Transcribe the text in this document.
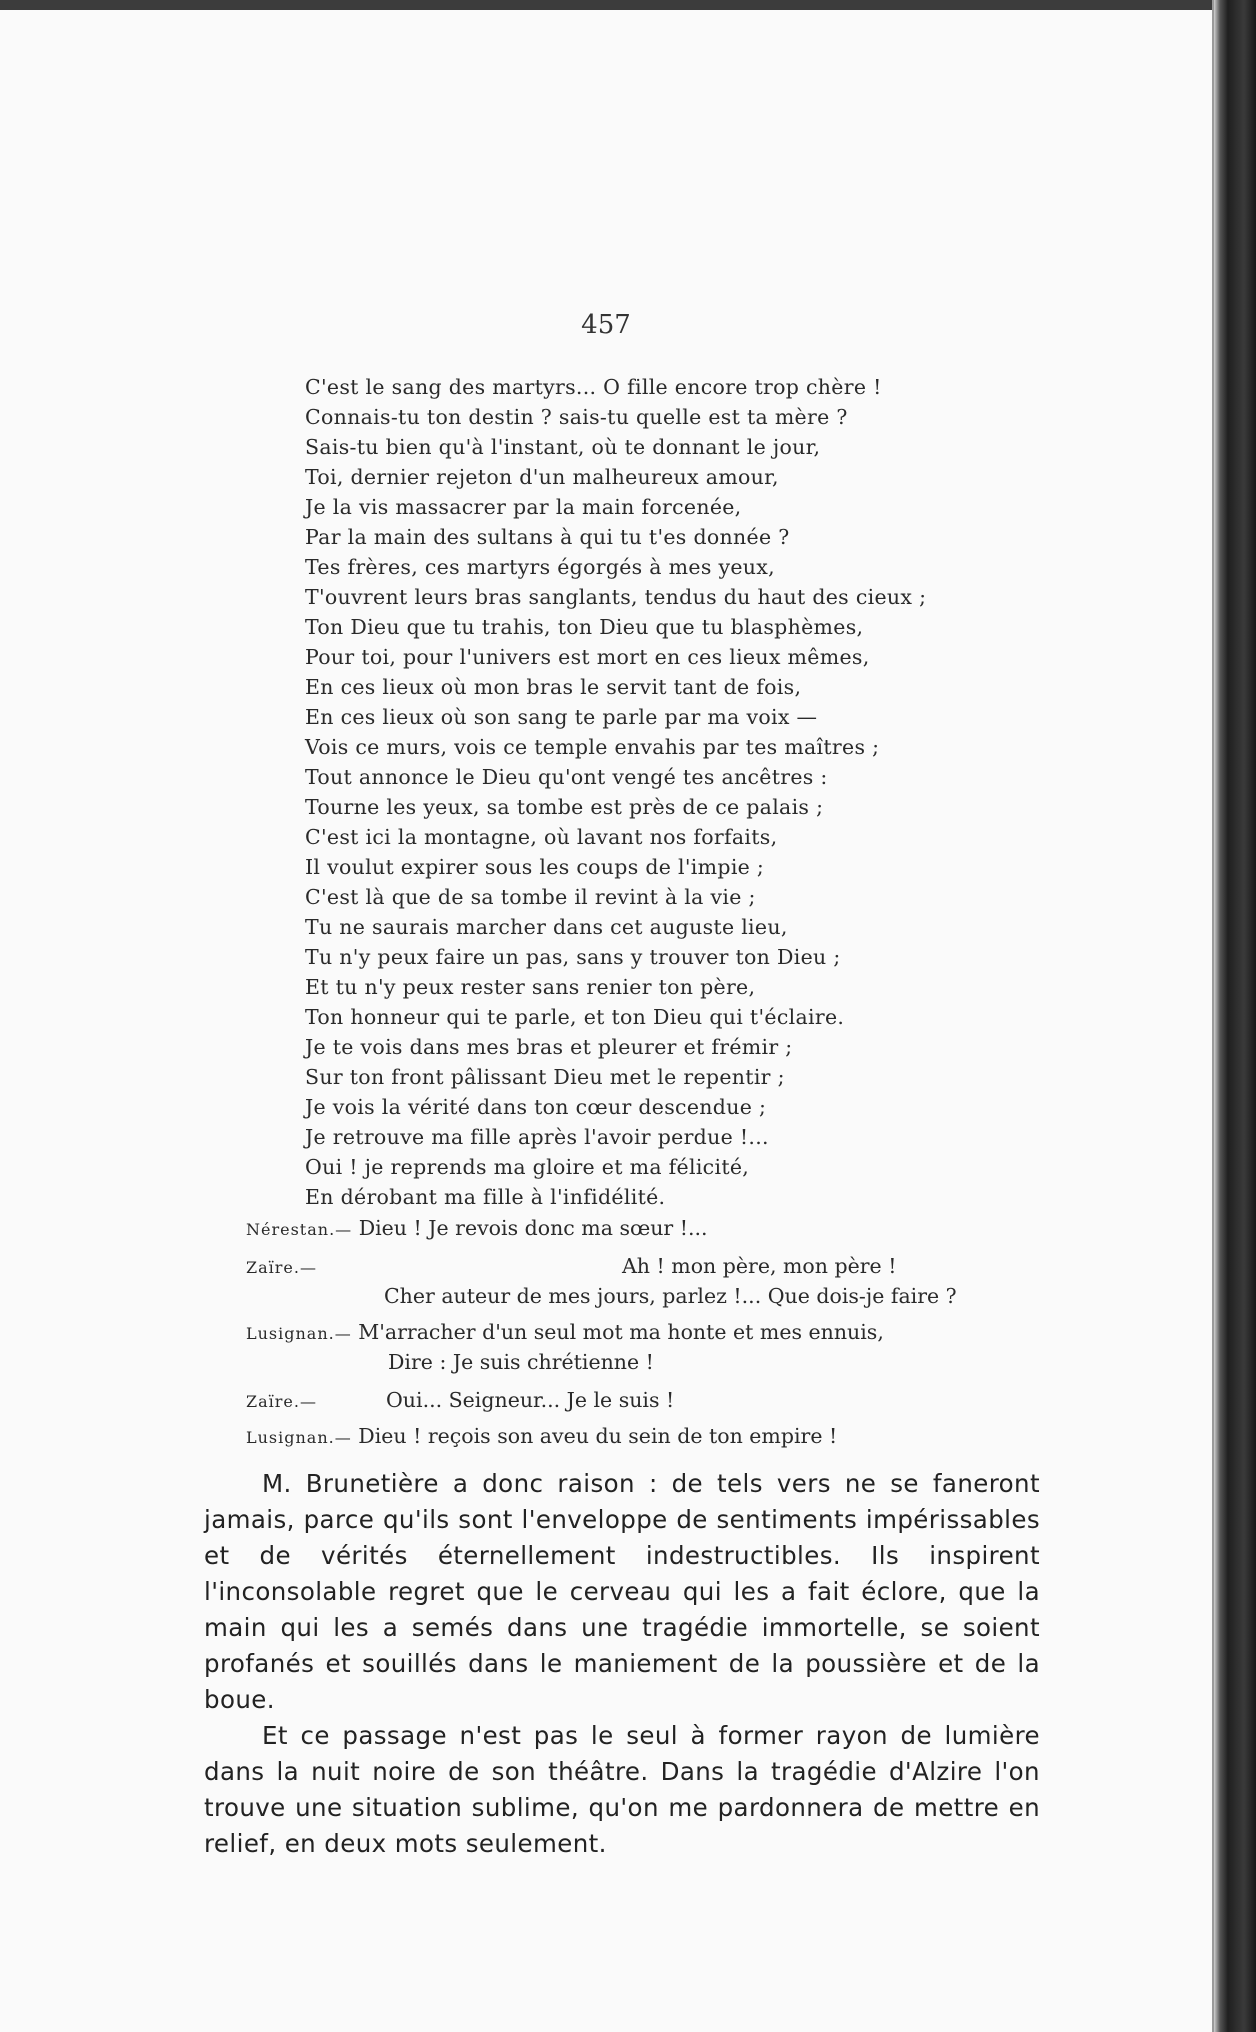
457
C'est le sang des martyrs... O fille encore trop chère !
Connais-tu ton destin ? sais-tu quelle est ta mère ?
Sais-tu bien qu'à l'instant, où te donnant le jour,
Toi, dernier rejeton d'un malheureux amour,
Je la vis massacrer par la main forcenée,
Par la main des sultans à qui tu t'es donnée ?
Tes frères, ces martyrs égorgés à mes yeux,
T'ouvrent leurs bras sanglants, tendus du haut des cieux ;
Ton Dieu que tu trahis, ton Dieu que tu blasphèmes,
Pour toi, pour l'univers est mort en ces lieux mêmes,
En ces lieux où mon bras le servit tant de fois,
En ces lieux où son sang te parle par ma voix —
Vois ce murs, vois ce temple envahis par tes maîtres ;
Tout annonce le Dieu qu'ont vengé tes ancêtres :
Tourne les yeux, sa tombe est près de ce palais ;
C'est ici la montagne, où lavant nos forfaits,
Il voulut expirer sous les coups de l'impie ;
C'est là que de sa tombe il revint à la vie ;
Tu ne saurais marcher dans cet auguste lieu,
Tu n'y peux faire un pas, sans y trouver ton Dieu ;
Et tu n'y peux rester sans renier ton père,
Ton honneur qui te parle, et ton Dieu qui t'éclaire.
Je te vois dans mes bras et pleurer et frémir ;
Sur ton front pâlissant Dieu met le repentir ;
Je vois la vérité dans ton cœur descendue ;
Je retrouve ma fille après l'avoir perdue !...
Oui ! je reprends ma gloire et ma félicité,
En dérobant ma fille à l'infidélité.
Nérestan.— Dieu ! Je revois donc ma sœur !...
Zaïre.—	Ah ! mon père, mon père !
Cher auteur de mes jours, parlez !... Que dois-je faire ?
Lusignan.— M'arracher d'un seul mot ma honte et mes ennuis,
Dire : Je suis chrétienne !
Zaïre.—	Oui... Seigneur... Je le suis !
Lusignan.— Dieu ! reçois son aveu du sein de ton empire !

M. Brunetière a donc raison : de tels vers ne se faneront jamais, parce qu'ils sont l'enveloppe de sentiments impérissables et de vérités éternellement indestructibles. Ils inspirent l'inconsolable regret que le cerveau qui les a fait éclore, que la main qui les a semés dans une tragédie immortelle, se soient profanés et souillés dans le maniement de la poussière et de la boue.

Et ce passage n'est pas le seul à former rayon de lumière dans la nuit noire de son théâtre. Dans la tragédie d'Alzire l'on trouve une situation sublime, qu'on me pardonnera de mettre en relief, en deux mots seulement.
